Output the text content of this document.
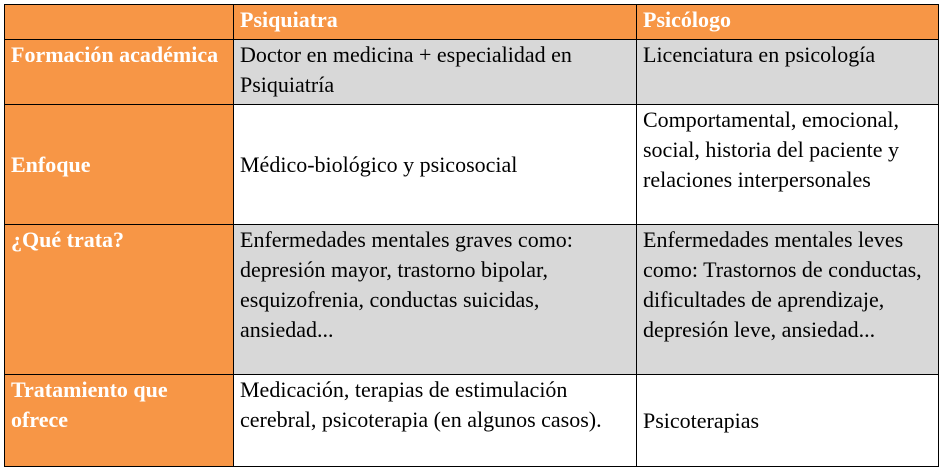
	Psiquiatra	Psicólogo
Formación académica	Doctor en medicina + especialidad en Psiquiatría	Licenciatura en psicología
Enfoque	Médico-biológico y psicosocial	Comportamental, emocional, social, historia del paciente y relaciones interpersonales
¿Qué trata?	Enfermedades mentales graves como: depresión mayor, trastorno bipolar, esquizofrenia, conductas suicidas, ansiedad...	Enfermedades mentales leves como: Trastornos de conductas, dificultades de aprendizaje, depresión leve, ansiedad...
Tratamiento que ofrece	Medicación, terapias de estimulación cerebral, psicoterapia (en algunos casos).	Psicoterapias
